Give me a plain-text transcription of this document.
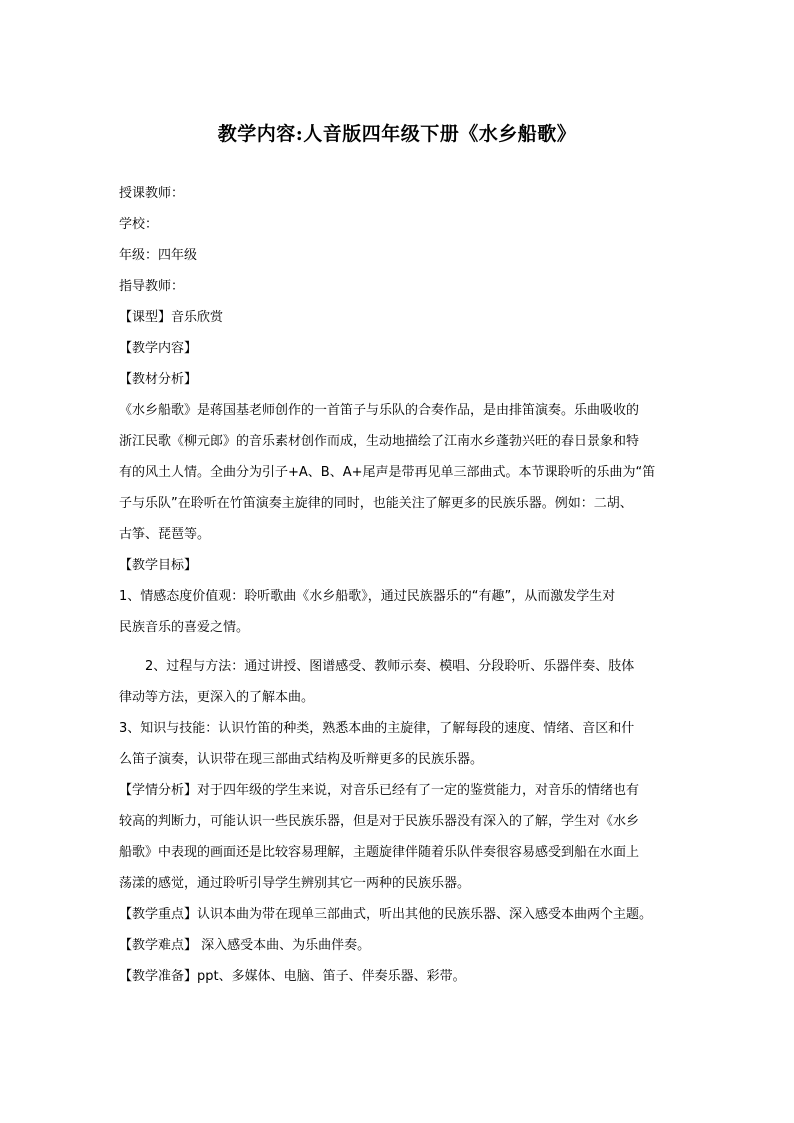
教学内容:人音版四年级下册《水乡船歌》

授课教师：

学校：

年级：四年级

指导教师：

【课型】音乐欣赏

【教学内容】

【教材分析】

《水乡船歌》是蒋国基老师创作的一首笛子与乐队的合奏作品，是由排笛演奏。乐曲吸收的
浙江民歌《柳元郎》的音乐素材创作而成，生动地描绘了江南水乡蓬勃兴旺的春日景象和特
有的风土人情。全曲分为引子+A、B、A+尾声是带再见单三部曲式。本节课聆听的乐曲为“笛
子与乐队”在聆听在竹笛演奏主旋律的同时，也能关注了解更多的民族乐器。例如：二胡、
古筝、琵琶等。

【教学目标】

1、情感态度价值观：聆听歌曲《水乡船歌》，通过民族器乐的“有趣”，从而激发学生对
民族音乐的喜爱之情。

2、过程与方法：通过讲授、图谱感受、教师示奏、模唱、分段聆听、乐器伴奏、肢体
律动等方法，更深入的了解本曲。

3、知识与技能：认识竹笛的种类，熟悉本曲的主旋律，了解每段的速度、情绪、音区和什
么笛子演奏，认识带在现三部曲式结构及听辩更多的民族乐器。

【学情分析】对于四年级的学生来说，对音乐已经有了一定的鉴赏能力，对音乐的情绪也有
较高的判断力，可能认识一些民族乐器，但是对于民族乐器没有深入的了解，学生对《水乡
船歌》中表现的画面还是比较容易理解，主题旋律伴随着乐队伴奏很容易感受到船在水面上
荡漾的感觉，通过聆听引导学生辨别其它一两种的民族乐器。

【教学重点】认识本曲为带在现单三部曲式，听出其他的民族乐器、深入感受本曲两个主题。

【教学难点】 深入感受本曲、为乐曲伴奏。

【教学准备】ppt、多媒体、电脑、笛子、伴奏乐器、彩带。
